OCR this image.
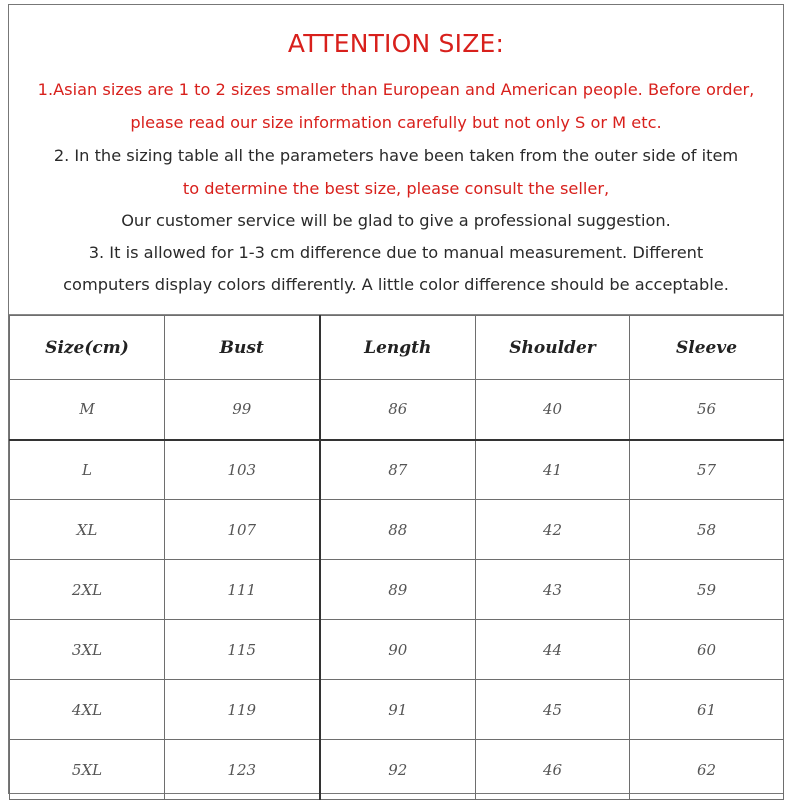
ATTENTION SIZE:
1.Asian sizes are 1 to 2 sizes smaller than European and American people. Before order,
please read our size information carefully but not only S or M etc.
2. In the sizing table all the parameters have been taken from the outer side of item
to determine the best size, please consult the seller,
Our customer service will be glad to give a professional suggestion.
3. It is allowed for 1-3 cm difference due to manual measurement. Different
computers display colors differently. A little color difference should be acceptable.
Size(cm)	Bust	Length	Shoulder	Sleeve
M	99	86	40	56
L	103	87	41	57
XL	107	88	42	58
2XL	111	89	43	59
3XL	115	90	44	60
4XL	119	91	45	61
5XL	123	92	46	62
